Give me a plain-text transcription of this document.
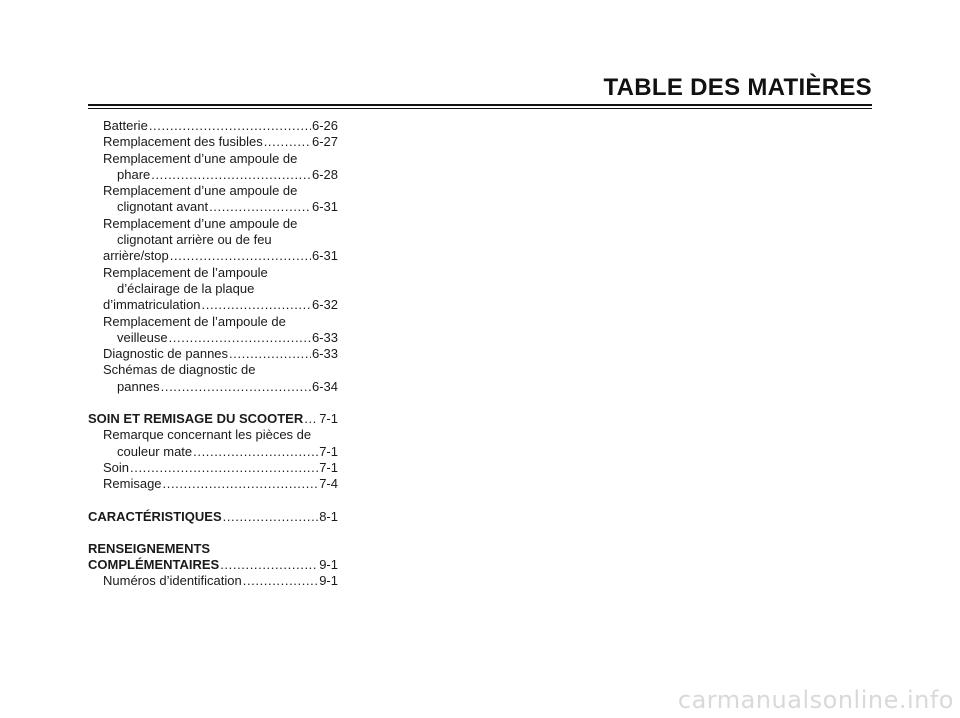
TABLE DES MATIÈRES
Batterie .....	6-26
Remplacement des fusibles .....	6-27
Remplacement d’une ampoule de
phare .....	6-28
Remplacement d’une ampoule de
clignotant avant .....	6-31
Remplacement d’une ampoule de
clignotant arrière ou de feu
arrière/stop .....	6-31
Remplacement de l’ampoule
d’éclairage de la plaque
d’immatriculation .....	6-32
Remplacement de l’ampoule de
veilleuse .....	6-33
Diagnostic de pannes .....	6-33
Schémas de diagnostic de
pannes .....	6-34
SOIN ET REMISAGE DU SCOOTER ..... 7-1
Remarque concernant les pièces de
couleur mate .....	7-1
Soin .....	7-1
Remisage .....	7-4
CARACTÉRISTIQUES .....	8-1
RENSEIGNEMENTS
COMPLÉMENTAIRES .....	9-1
Numéros d’identification .....	9-1
carmanualsonline.info
